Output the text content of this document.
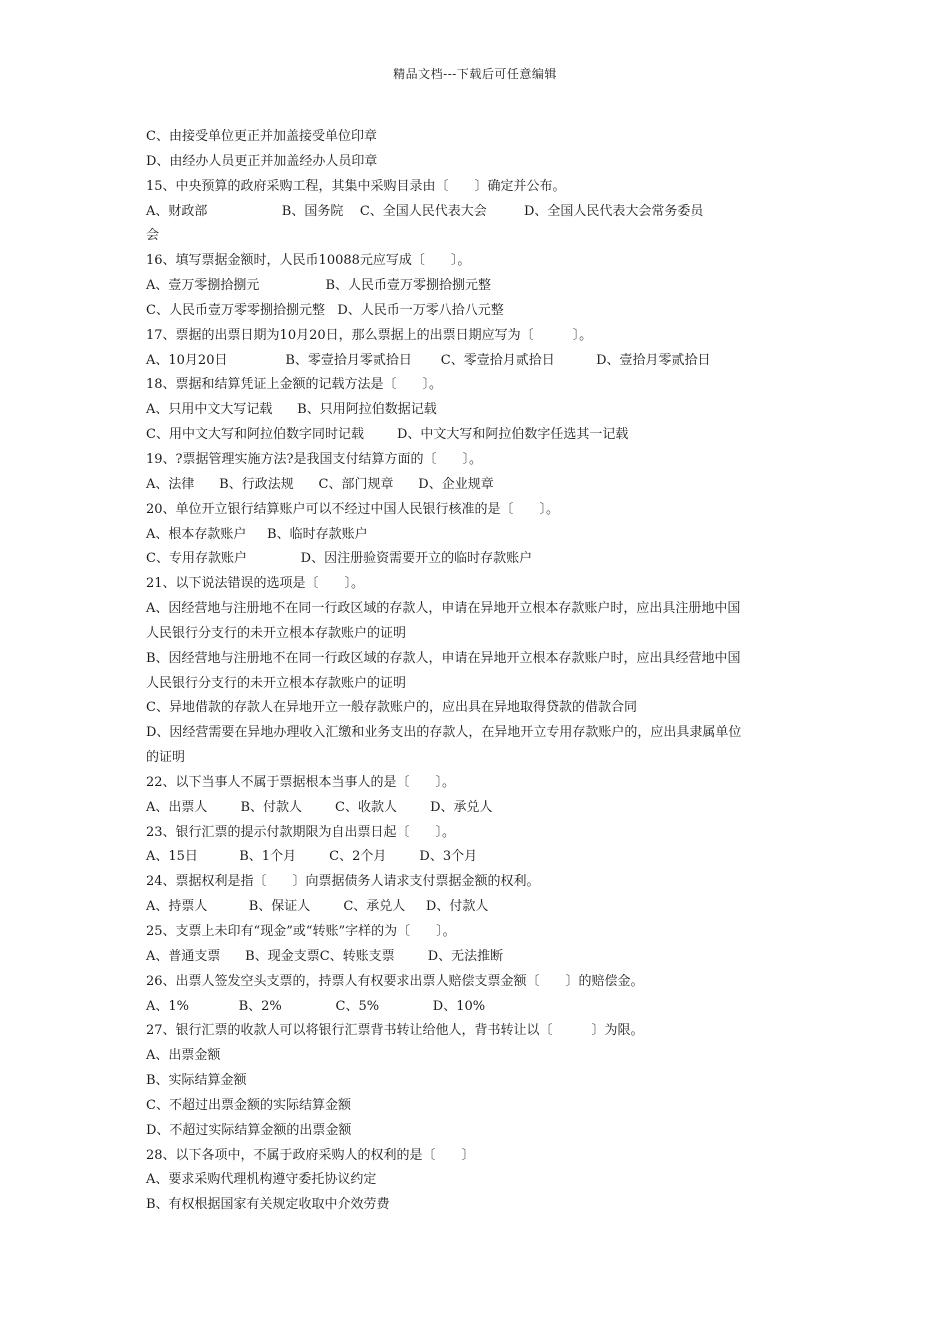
精品文档---下载后可任意编辑
C、由接受单位更正并加盖接受单位印章
D、由经办人员更正并加盖经办人员印章
15、中央预算的政府采购工程，其集中采购目录由〔　　〕确定并公布。
A、财政部                  B、国务院    C、全国人民代表大会         D、全国人民代表大会常务委员
会
16、填写票据金额时，人民币10088元应写成〔　　〕。
A、壹万零捌拾捌元                B、人民币壹万零捌拾捌元整
C、人民币壹万零零捌拾捌元整   D、人民币一万零八拾八元整
17、票据的出票日期为10月20日，那么票据上的出票日期应写为〔　　　〕。
A、10月20日              B、零壹拾月零贰拾日       C、零壹拾月贰拾日          D、壹拾月零贰拾日
18、票据和结算凭证上金额的记载方法是〔　　〕。
A、只用中文大写记载      B、只用阿拉伯数据记载
C、用中文大写和阿拉伯数字同时记载        D、中文大写和阿拉伯数字任选其一记载
19、?票据管理实施方法?是我国支付结算方面的〔　　〕。
A、法律      B、行政法规      C、部门规章      D、企业规章
20、单位开立银行结算账户可以不经过中国人民银行核准的是〔　　〕。
A、根本存款账户     B、临时存款账户
C、专用存款账户             D、因注册验资需要开立的临时存款账户
21、以下说法错误的选项是〔　　〕。
A、因经营地与注册地不在同一行政区域的存款人，申请在异地开立根本存款账户时，应出具注册地中国
人民银行分支行的未开立根本存款账户的证明
B、因经营地与注册地不在同一行政区域的存款人，申请在异地开立根本存款账户时，应出具经营地中国
人民银行分支行的未开立根本存款账户的证明
C、异地借款的存款人在异地开立一般存款账户的，应出具在异地取得贷款的借款合同
D、因经营需要在异地办理收入汇缴和业务支出的存款人，在异地开立专用存款账户的，应出具隶属单位
的证明
22、以下当事人不属于票据根本当事人的是〔　　〕。
A、出票人        B、付款人        C、收款人        D、承兑人
23、银行汇票的提示付款期限为自出票日起〔　　〕。
A、15日          B、1个月        C、2个月        D、3个月
24、票据权利是指〔　　〕向票据债务人请求支付票据金额的权利。
A、持票人          B、保证人        C、承兑人     D、付款人
25、支票上未印有“现金”或“转账”字样的为〔　　〕。
A、普通支票      B、现金支票C、转账支票        D、无法推断
26、出票人签发空头支票的，持票人有权要求出票人赔偿支票金额〔　　〕的赔偿金。
A、1%            B、2%             C、5%             D、10%
27、银行汇票的收款人可以将银行汇票背书转让给他人，背书转让以〔　　　〕为限。
A、出票金额
B、实际结算金额
C、不超过出票金额的实际结算金额
D、不超过实际结算金额的出票金额
28、以下各项中，不属于政府采购人的权利的是〔　　〕
A、要求采购代理机构遵守委托协议约定
B、有权根据国家有关规定收取中介效劳费
